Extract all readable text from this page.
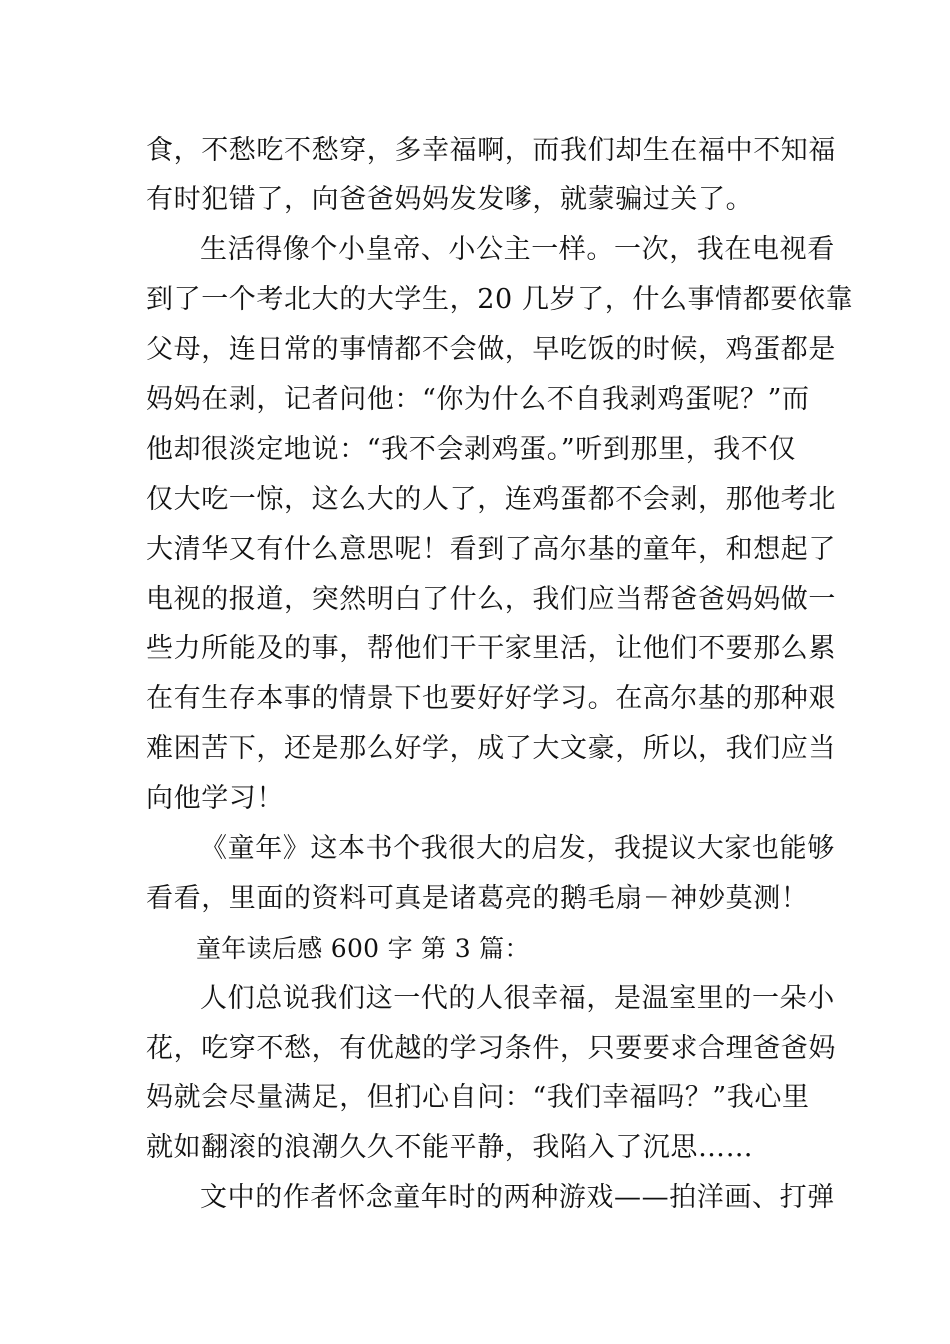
食，不愁吃不愁穿，多幸福啊，而我们却生在福中不知福
有时犯错了，向爸爸妈妈发发嗲，就蒙骗过关了。
生活得像个小皇帝、小公主一样。一次，我在电视看
到了一个考北大的大学生，20 几岁了，什么事情都要依靠
父母，连日常的事情都不会做，早吃饭的时候，鸡蛋都是
妈妈在剥，记者问他：“你为什么不自我剥鸡蛋呢？”而
他却很淡定地说：“我不会剥鸡蛋。”听到那里，我不仅
仅大吃一惊，这么大的人了，连鸡蛋都不会剥，那他考北
大清华又有什么意思呢！看到了高尔基的童年，和想起了
电视的报道，突然明白了什么，我们应当帮爸爸妈妈做一
些力所能及的事，帮他们干干家里活，让他们不要那么累
在有生存本事的情景下也要好好学习。在高尔基的那种艰
难困苦下，还是那么好学，成了大文豪，所以，我们应当
向他学习！
《童年》这本书个我很大的启发，我提议大家也能够
看看，里面的资料可真是诸葛亮的鹅毛扇－神妙莫测！
童年读后感 600 字 第 3 篇：
人们总说我们这一代的人很幸福，是温室里的一朵小
花，吃穿不愁，有优越的学习条件，只要要求合理爸爸妈
妈就会尽量满足，但扪心自问：“我们幸福吗？”我心里
就如翻滚的浪潮久久不能平静，我陷入了沉思……
文中的作者怀念童年时的两种游戏——拍洋画、打弹
